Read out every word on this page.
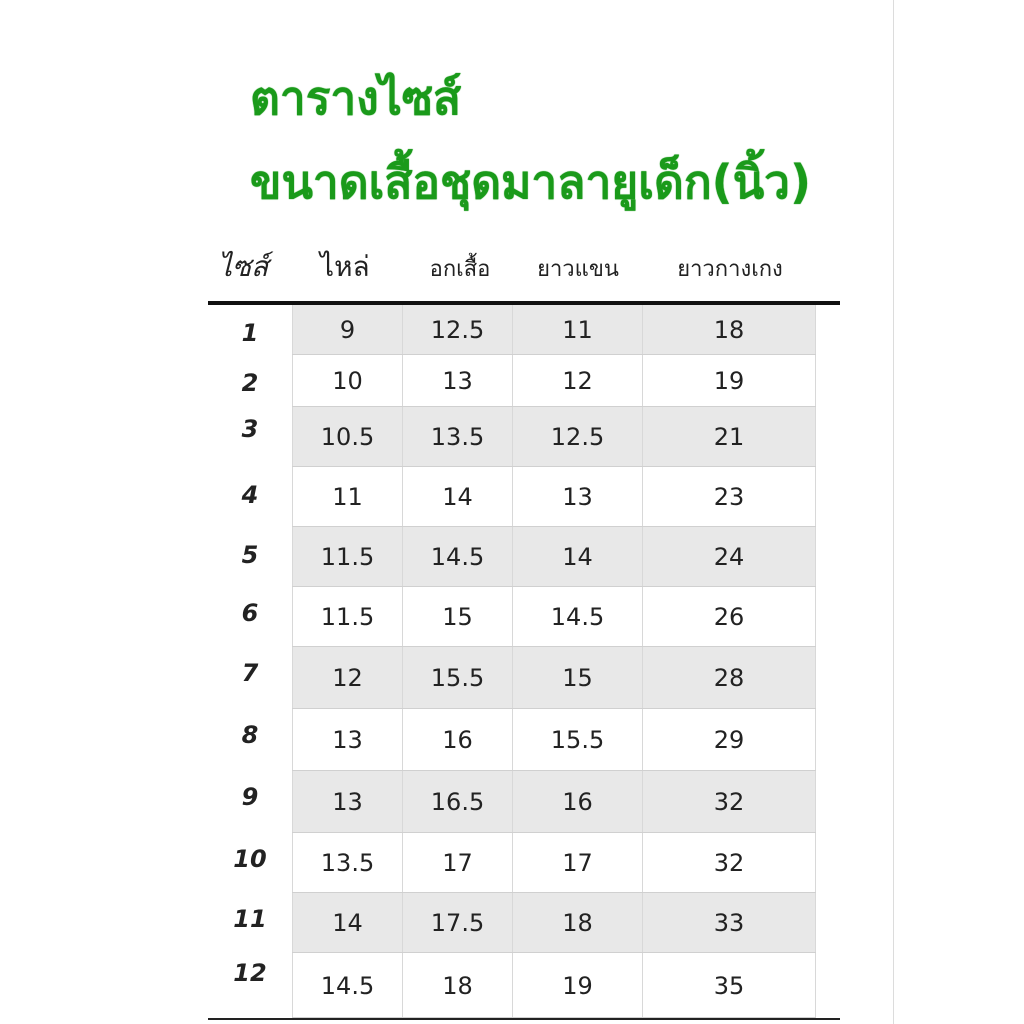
ตารางไซส์
ขนาดเสื้อชุดมาลายูเด็ก(นิ้ว)
ไซส์ ไหล่	อกเสื้อ	ยาวแขน	ยาวกางเกง
1	9	12.5	11	18
2	10	13	12	19
3	10.5	13.5	12.5	21
4	11	14	13	23
5	11.5	14.5	14	24
6	11.5	15	14.5	26
7	12	15.5	15	28
8	13	16	15.5	29
9	13	16.5	16	32
10	13.5	17	17	32
11	14	17.5	18	33
12	14.5	18	19	35
